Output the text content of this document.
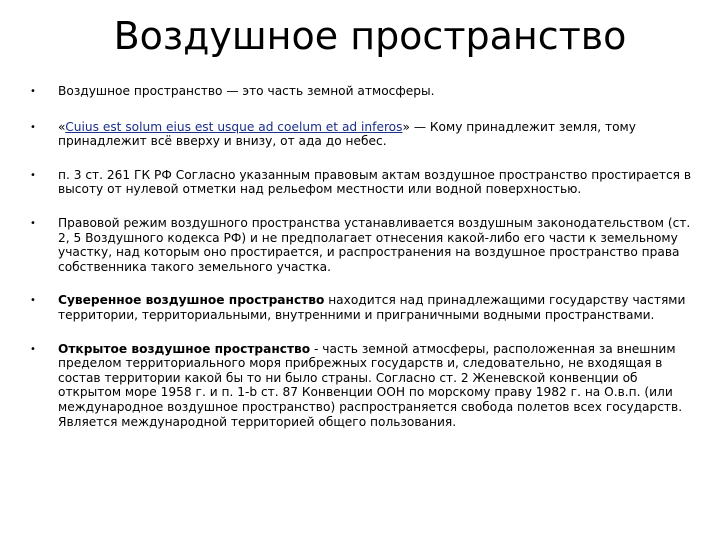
Воздушное пространство
• Воздушное пространство — это часть земной атмосферы.
• «Cuius est solum eius est usque ad coelum et ad inferos» — Кому принадлежит земля, тому принадлежит всё вверху и внизу, от ада до небес.
• п. 3 ст. 261 ГК РФ Согласно указанным правовым актам воздушное пространство простирается в высоту от нулевой отметки над рельефом местности или водной поверхностью.
• Правовой режим воздушного пространства устанавливается воздушным законодательством (ст. 2, 5 Воздушного кодекса РФ) и не предполагает отнесения какой-либо его части к земельному участку, над которым оно простирается, и распространения на воздушное пространство права собственника такого земельного участка.
• Суверенное воздушное пространство находится над принадлежащими государству частями территории, территориальными, внутренними и приграничными водными пространствами.
• Открытое воздушное пространство - часть земной атмосферы, расположенная за внешним пределом территориального моря прибрежных государств и, следовательно, не входящая в состав территории какой бы то ни было страны. Согласно ст. 2 Женевской конвенции об открытом море 1958 г. и п. 1-b ст. 87 Конвенции ООН по морскому праву 1982 г. на О.в.п. (или международное воздушное пространство) распространяется свобода полетов всех государств. Является международной территорией общего пользования.
